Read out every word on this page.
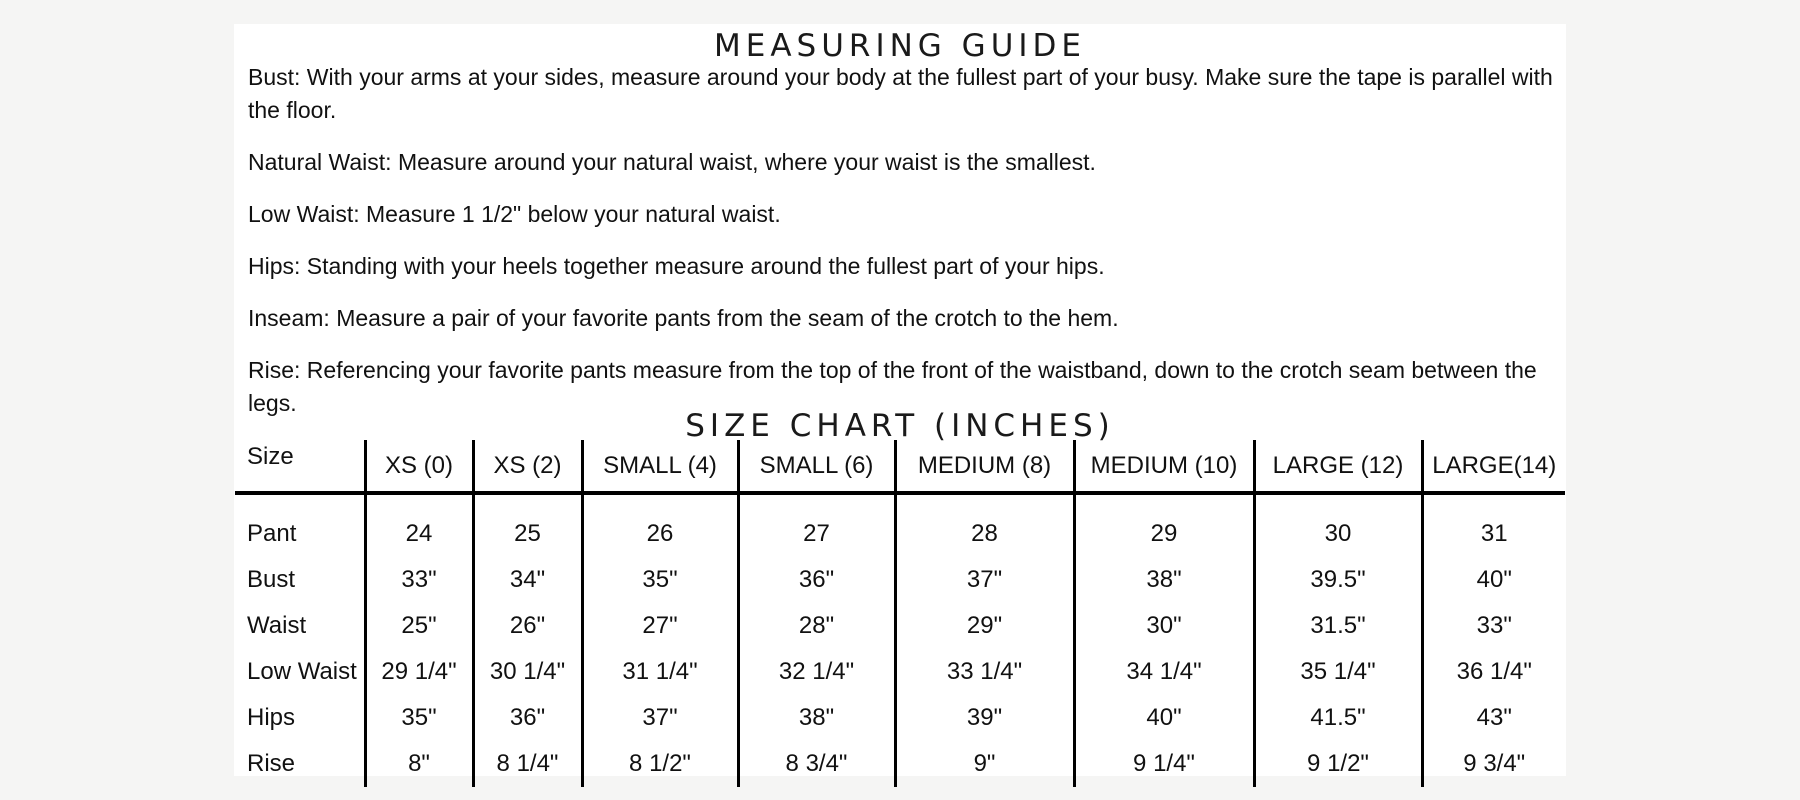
MEASURING GUIDE
Bust: With your arms at your sides, measure around your body at the fullest part of your busy. Make sure the tape is parallel with the floor.
Natural Waist: Measure around your natural waist, where your waist is the smallest.
Low Waist: Measure 1 1/2" below your natural waist.
Hips: Standing with your heels together measure around the fullest part of your hips.
Inseam: Measure a pair of your favorite pants from the seam of the crotch to the hem.
Rise: Referencing your favorite pants measure from the top of the front of the waistband, down to the crotch seam between the legs.
SIZE CHART (INCHES)
Size	XS (0)	XS (2)	SMALL (4)	SMALL (6)	MEDIUM (8)	MEDIUM (10)	LARGE (12)	LARGE(14)
Pant	24	25	26	27	28	29	30	31
Bust	33"	34"	35"	36"	37"	38"	39.5"	40"
Waist	25"	26"	27"	28"	29"	30"	31.5"	33"
Low Waist	29 1/4"	30 1/4"	31 1/4"	32 1/4"	33 1/4"	34 1/4"	35 1/4"	36 1/4"
Hips	35"	36"	37"	38"	39"	40"	41.5"	43"
Rise	8"	8 1/4"	8 1/2"	8 3/4"	9"	9 1/4"	9 1/2"	9 3/4"
